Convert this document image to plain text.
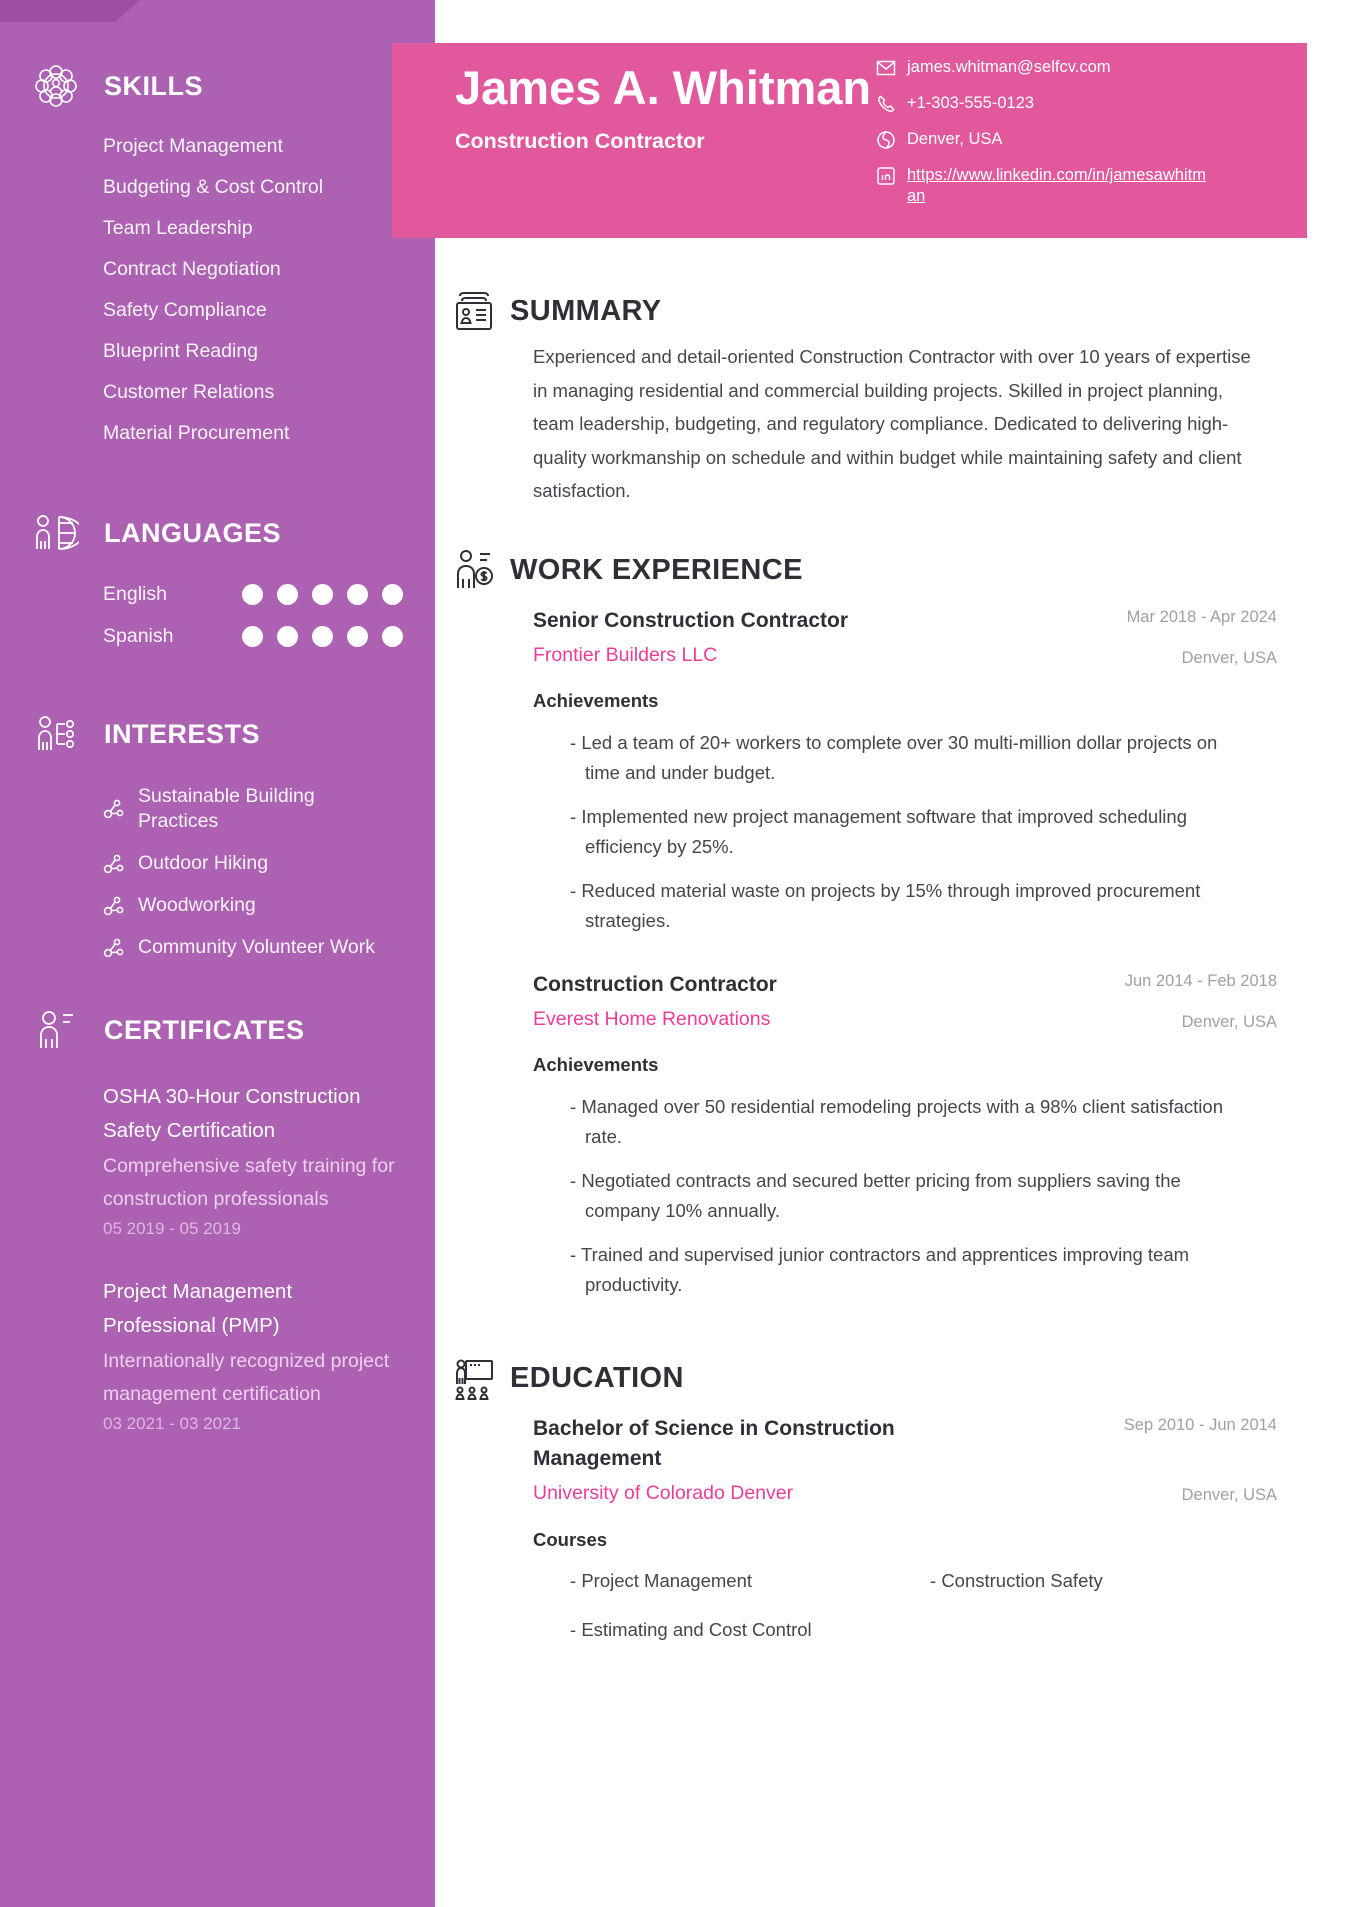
SKILLS
Project Management
Budgeting & Cost Control
Team Leadership
Contract Negotiation
Safety Compliance
Blueprint Reading
Customer Relations
Material Procurement
LANGUAGES
English
Spanish
INTERESTS
Sustainable Building Practices
Outdoor Hiking
Woodworking
Community Volunteer Work
CERTIFICATES
OSHA 30-Hour Construction Safety Certification
Comprehensive safety training for construction professionals
05 2019 - 05 2019
Project Management Professional (PMP)
Internationally recognized project management certification
03 2021 - 03 2021
James A. Whitman
Construction Contractor
james.whitman@selfcv.com
+1-303-555-0123
Denver, USA
https://www.linkedin.com/in/jamesawhitman
SUMMARY

Experienced and detail-oriented Construction Contractor with over 10 years of expertise in managing residential and commercial building projects. Skilled in project planning, team leadership, budgeting, and regulatory compliance. Dedicated to delivering high-quality workmanship on schedule and within budget while maintaining safety and client satisfaction.

WORK EXPERIENCE
Senior Construction Contractor
Frontier Builders LLC
Mar 2018 - Apr 2024
Denver, USA
Achievements
- Led a team of 20+ workers to complete over 30 multi-million dollar projects on time and under budget.
- Implemented new project management software that improved scheduling efficiency by 25%.
- Reduced material waste on projects by 15% through improved procurement strategies.
Construction Contractor
Everest Home Renovations
Jun 2014 - Feb 2018
Denver, USA
Achievements
- Managed over 50 residential remodeling projects with a 98% client satisfaction rate.
- Negotiated contracts and secured better pricing from suppliers saving the company 10% annually.
- Trained and supervised junior contractors and apprentices improving team productivity.
EDUCATION
Bachelor of Science in Construction Management
University of Colorado Denver
Sep 2010 - Jun 2014
Denver, USA
Courses
- Project Management	- Construction Safety
- Estimating and Cost Control
